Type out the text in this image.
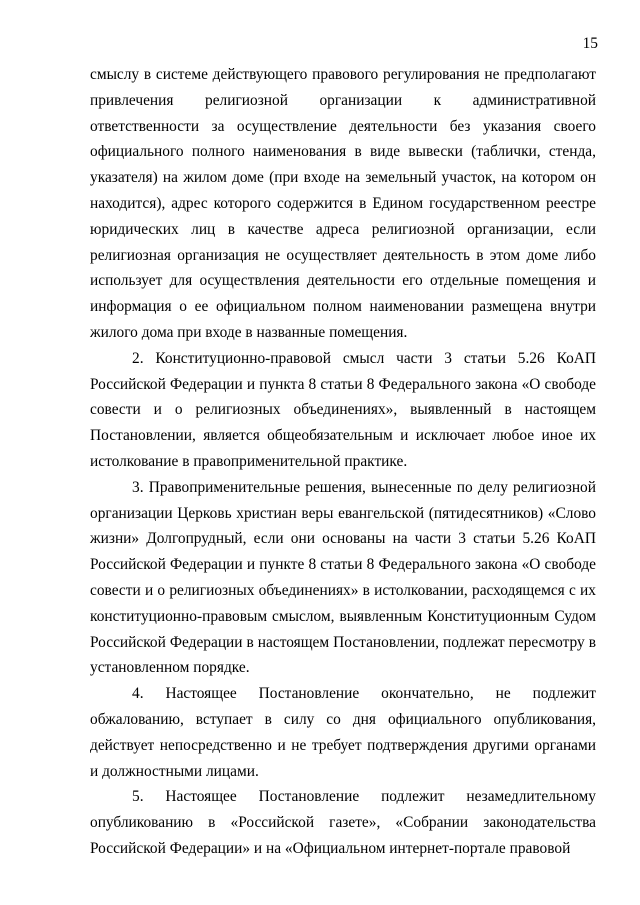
15

смыслу в системе действующего правового регулирования не предполагают привлечения религиозной организации к административной ответственности за осуществление деятельности без указания своего официального полного наименования в виде вывески (таблички, стенда, указателя) на жилом доме (при входе на земельный участок, на котором он находится), адрес которого содержится в Едином государственном реестре юридических лиц в качестве адреса религиозной организации, если религиозная организация не осуществляет деятельность в этом доме либо использует для осуществления деятельности его отдельные помещения и информация о ее официальном полном наименовании размещена внутри жилого дома при входе в названные помещения.

2. Конституционно-правовой смысл части 3 статьи 5.26 КоАП Российской Федерации и пункта 8 статьи 8 Федерального закона «О свободе совести и о религиозных объединениях», выявленный в настоящем Постановлении, является общеобязательным и исключает любое иное их истолкование в правоприменительной практике.

3. Правоприменительные решения, вынесенные по делу религиозной организации Церковь христиан веры евангельской (пятидесятников) «Слово жизни» Долгопрудный, если они основаны на части 3 статьи 5.26 КоАП Российской Федерации и пункте 8 статьи 8 Федерального закона «О свободе совести и о религиозных объединениях» в истолковании, расходящемся с их конституционно-правовым смыслом, выявленным Конституционным Судом Российской Федерации в настоящем Постановлении, подлежат пересмотру в установленном порядке.

4. Настоящее Постановление окончательно, не подлежит обжалованию, вступает в силу со дня официального опубликования, действует непосредственно и не требует подтверждения другими органами и должностными лицами.

5. Настоящее Постановление подлежит незамедлительному опубликованию в «Российской газете», «Собрании законодательства Российской Федерации» и на «Официальном интернет-портале правовой
